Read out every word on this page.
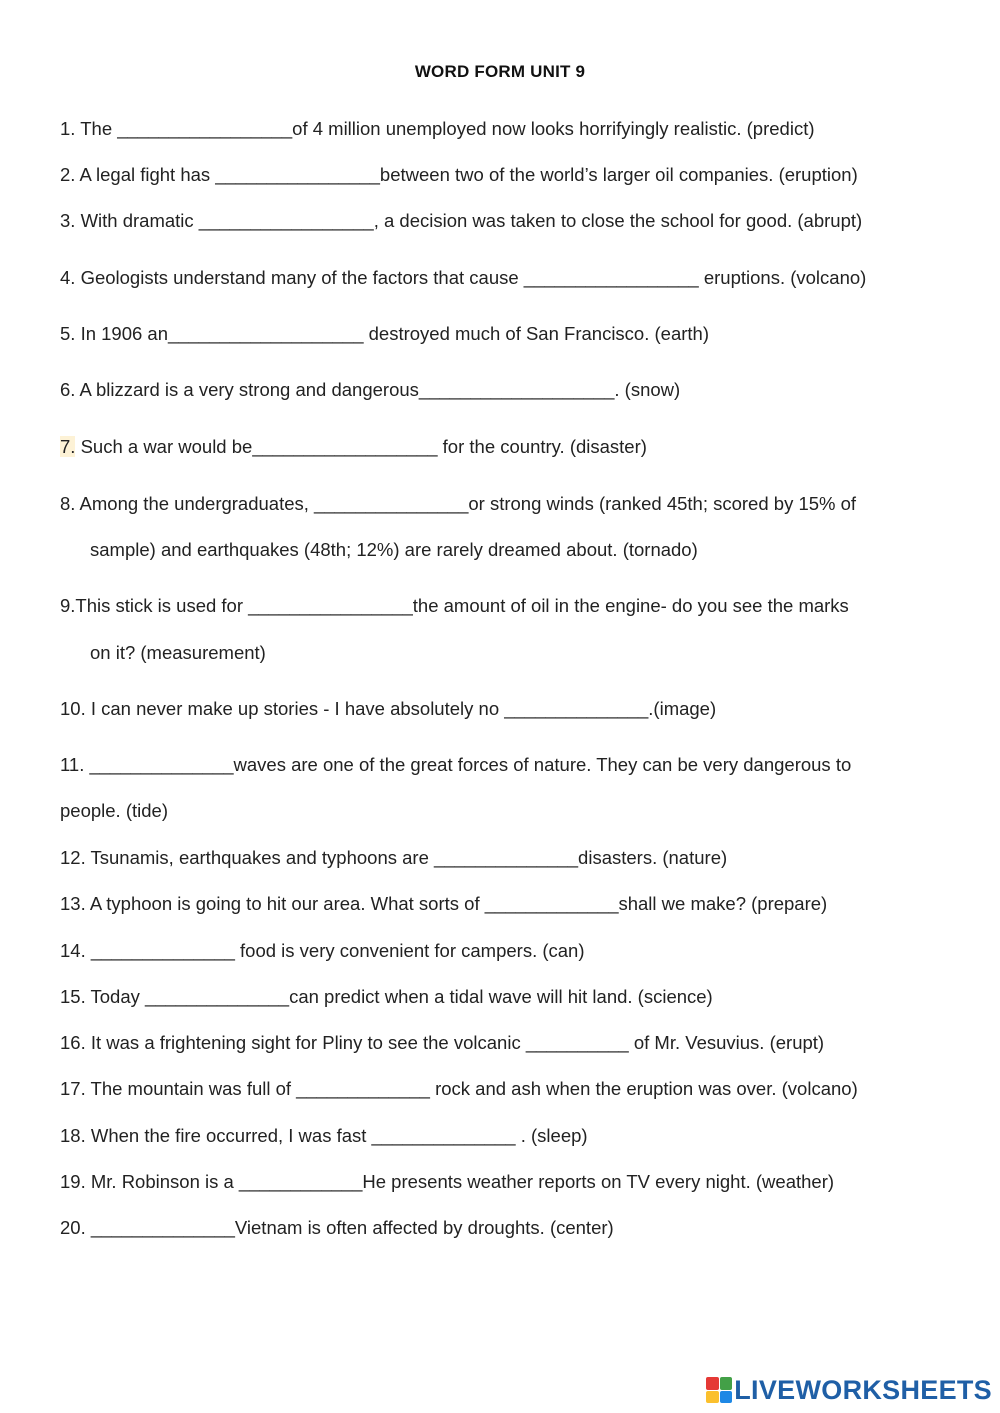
WORD FORM UNIT 9
1. The _________________of 4 million unemployed now looks horrifyingly realistic. (predict)
2. A legal fight has ________________between two of the world’s larger oil companies. (eruption)
3. With dramatic _________________, a decision was taken to close the school for good. (abrupt)
4. Geologists understand many of the factors that cause _________________ eruptions. (volcano)
5. In 1906 an___________________ destroyed much of San Francisco. (earth)
6. A blizzard is a very strong and dangerous___________________. (snow)
7. Such a war would be__________________ for the country. (disaster)
8. Among the undergraduates, _______________or strong winds (ranked 45th; scored by 15% of
sample) and earthquakes (48th; 12%) are rarely dreamed about. (tornado)
9.This stick is used for ________________the amount of oil in the engine- do you see the marks
on it? (measurement)
10. I can never make up stories - I have absolutely no ______________.(image)
11. ______________waves are one of the great forces of nature. They can be very dangerous to
people. (tide)
12. Tsunamis, earthquakes and typhoons are ______________disasters. (nature)
13. A typhoon is going to hit our area. What sorts of _____________shall we make? (prepare)
14. ______________ food is very convenient for campers. (can)
15. Today ______________can predict when a tidal wave will hit land. (science)
16. It was a frightening sight for Pliny to see the volcanic __________ of Mr. Vesuvius. (erupt)
17. The mountain was full of _____________ rock and ash when the eruption was over. (volcano)
18. When the fire occurred, I was fast ______________ . (sleep)
19. Mr. Robinson is a ____________He presents weather reports on TV every night. (weather)
20. ______________Vietnam is often affected by droughts. (center)
LIVEWORKSHEETS
